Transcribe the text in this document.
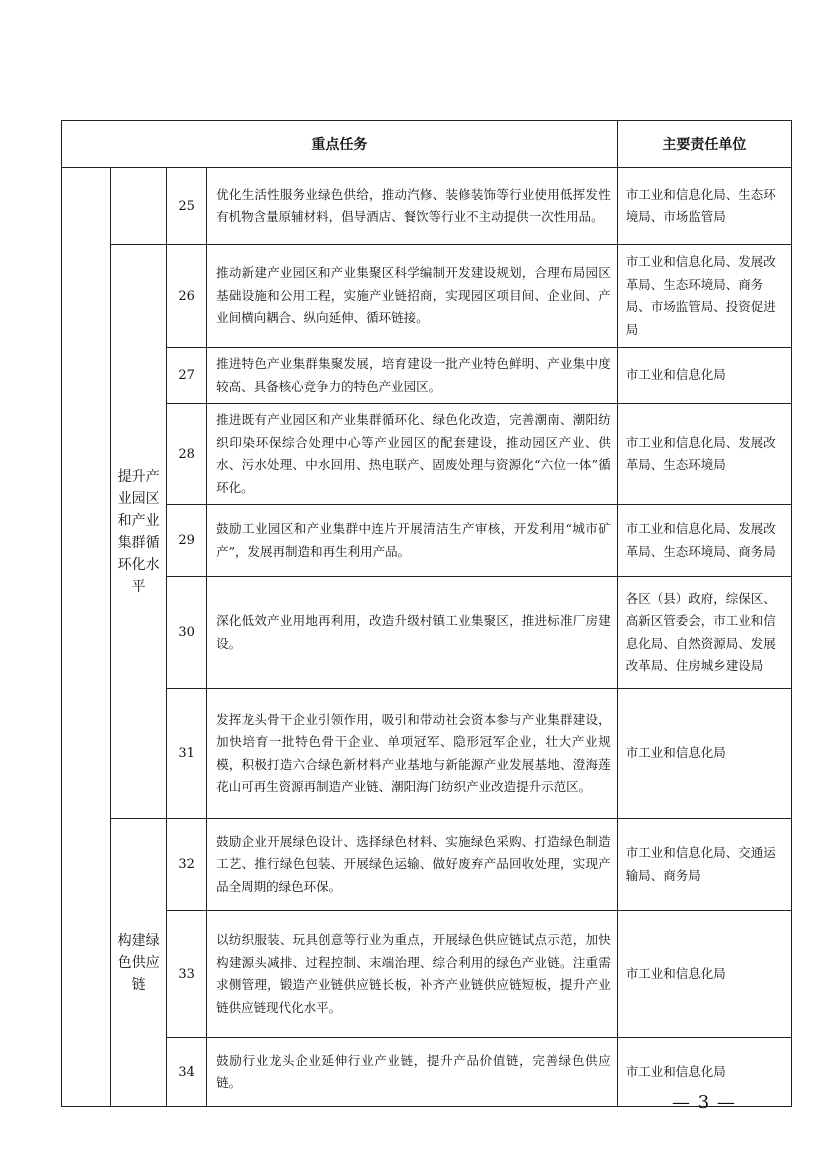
重点任务				主要责任单位
		25	优化生活性服务业绿色供给，推动汽修、装修装饰等行业使用低挥发性有机物含量原辅材料，倡导酒店、餐饮等行业不主动提供一次性用品。	市工业和信息化局、生态环境局、市场监管局
	提升产业园区和产业集群循环化水平	26	推动新建产业园区和产业集聚区科学编制开发建设规划，合理布局园区基础设施和公用工程，实施产业链招商，实现园区项目间、企业间、产业间横向耦合、纵向延伸、循环链接。	市工业和信息化局、发展改革局、生态环境局、商务局、市场监管局、投资促进局
		27	推进特色产业集群集聚发展，培育建设一批产业特色鲜明、产业集中度较高、具备核心竞争力的特色产业园区。	市工业和信息化局
		28	推进既有产业园区和产业集群循环化、绿色化改造，完善潮南、潮阳纺织印染环保综合处理中心等产业园区的配套建设，推动园区产业、供水、污水处理、中水回用、热电联产、固废处理与资源化“六位一体”循环化。	市工业和信息化局、发展改革局、生态环境局
		29	鼓励工业园区和产业集群中连片开展清洁生产审核，开发利用“城市矿产”，发展再制造和再生利用产品。	市工业和信息化局、发展改革局、生态环境局、商务局
		30	深化低效产业用地再利用，改造升级村镇工业集聚区，推进标准厂房建设。	各区（县）政府，综保区、高新区管委会，市工业和信息化局、自然资源局、发展改革局、住房城乡建设局
		31	发挥龙头骨干企业引领作用，吸引和带动社会资本参与产业集群建设，加快培育一批特色骨干企业、单项冠军、隐形冠军企业，壮大产业规模，积极打造六合绿色新材料产业基地与新能源产业发展基地、澄海莲花山可再生资源再制造产业链、潮阳海门纺织产业改造提升示范区。	市工业和信息化局
	构建绿色供应链	32	鼓励企业开展绿色设计、选择绿色材料、实施绿色采购、打造绿色制造工艺、推行绿色包装、开展绿色运输、做好废弃产品回收处理，实现产品全周期的绿色环保。	市工业和信息化局、交通运输局、商务局
		33	以纺织服装、玩具创意等行业为重点，开展绿色供应链试点示范，加快构建源头减排、过程控制、末端治理、综合利用的绿色产业链。注重需求侧管理，锻造产业链供应链长板，补齐产业链供应链短板，提升产业链供应链现代化水平。	市工业和信息化局
		34	鼓励行业龙头企业延伸行业产业链，提升产品价值链，完善绿色供应链。	市工业和信息化局
— 3 —
